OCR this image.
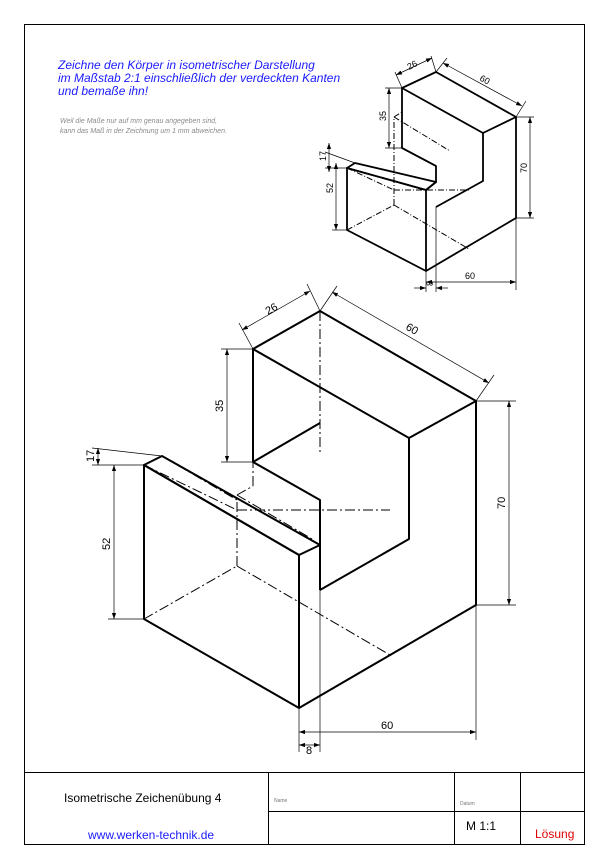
Zeichne den Körper in isometrischer Darstellung
im Maßstab 2:1 einschließlich der verdeckten Kanten
und bemaße ihn!
Weil die Maße nur auf mm genau angegeben sind,
kann das Maß in der Zeichnung um 1 mm abweichen.
26
60
35
17
52
70
60
8
26
60
35
17
52
70
60
8
Isometrische Zeichenübung 4
www.werken-technik.de
Name	Datum
M 1:1
Lösung
